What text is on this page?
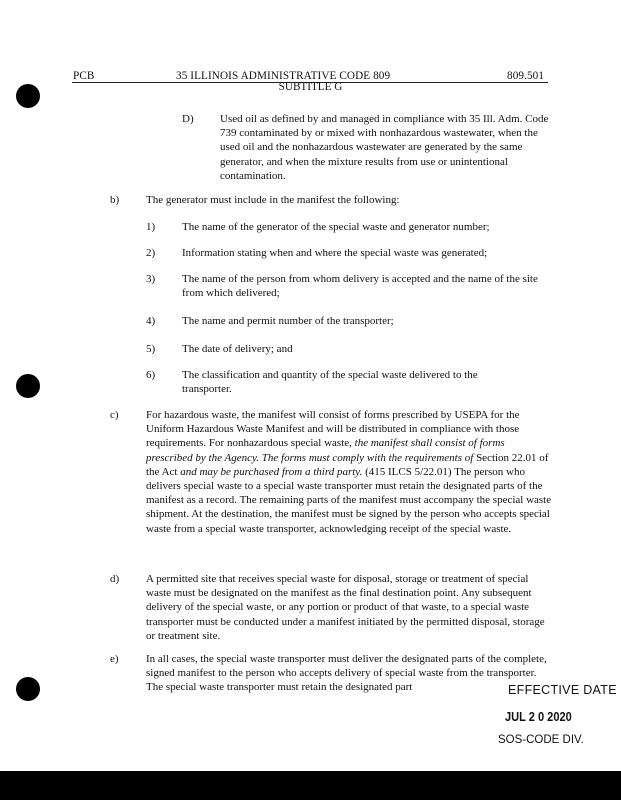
PCB	35 ILLINOIS ADMINISTRATIVE CODE 809	809.501
SUBTITLE G
D) Used oil as defined by and managed in compliance with 35 Ill. Adm. Code 739 contaminated by or mixed with nonhazardous wastewater, when the used oil and the nonhazardous wastewater are generated by the same generator, and when the mixture results from use or unintentional contamination.
b) The generator must include in the manifest the following:
1) The name of the generator of the special waste and generator number;
2) Information stating when and where the special waste was generated;
3) The name of the person from whom delivery is accepted and the name of the site from which delivered;
4) The name and permit number of the transporter;
5) The date of delivery; and
6) The classification and quantity of the special waste delivered to the transporter.
c) For hazardous waste, the manifest will consist of forms prescribed by USEPA for the Uniform Hazardous Waste Manifest and will be distributed in compliance with those requirements. For nonhazardous special waste, the manifest shall consist of forms prescribed by the Agency. The forms must comply with the requirements of Section 22.01 of the Act and may be purchased from a third party. (415 ILCS 5/22.01) The person who delivers special waste to a special waste transporter must retain the designated parts of the manifest as a record. The remaining parts of the manifest must accompany the special waste shipment. At the destination, the manifest must be signed by the person who accepts special waste from a special waste transporter, acknowledging receipt of the special waste.
d) A permitted site that receives special waste for disposal, storage or treatment of special waste must be designated on the manifest as the final destination point. Any subsequent delivery of the special waste, or any portion or product of that waste, to a special waste transporter must be conducted under a manifest initiated by the permitted disposal, storage or treatment site.
e) In all cases, the special waste transporter must deliver the designated parts of the complete, signed manifest to the person who accepts delivery of special waste from the transporter. The special waste transporter must retain the designated part	EFFECTIVE DATE
JUL 2 0 2020
SOS-CODE DIV.
